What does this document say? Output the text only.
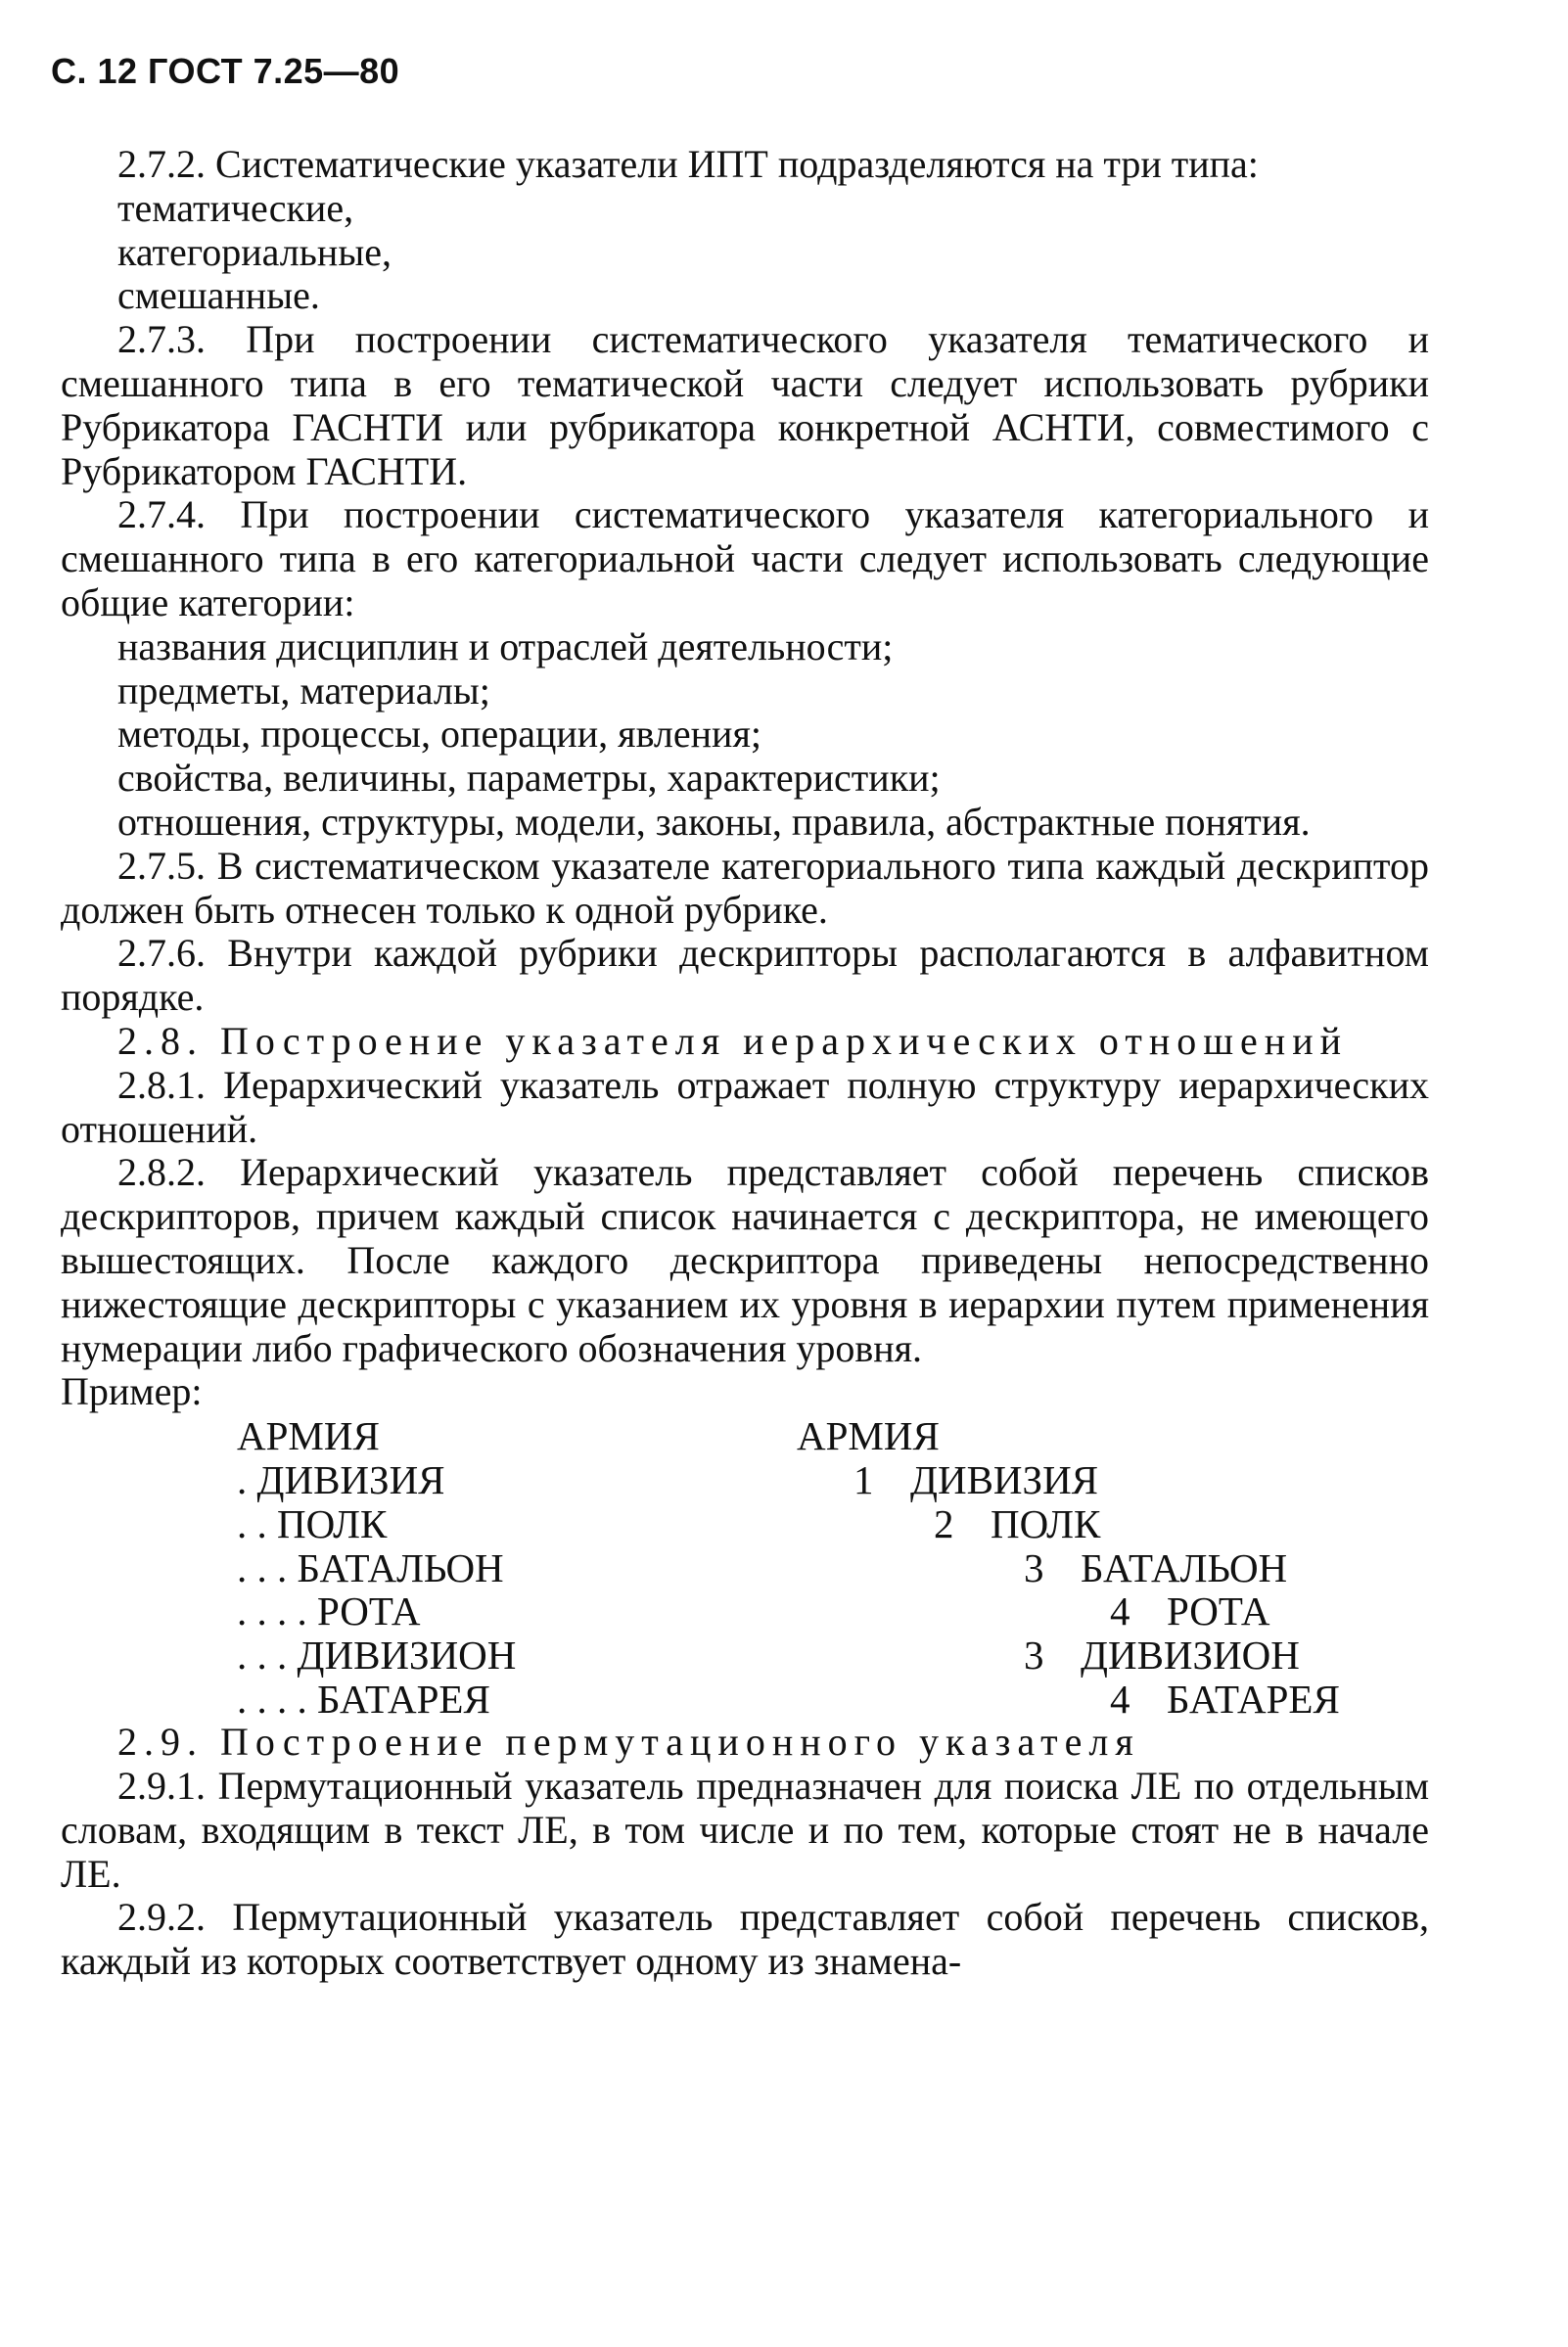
С. 12 ГОСТ 7.25—80

2.7.2. Систематические указатели ИПТ подразделяются на три типа:

тематические,
категориальные,
смешанные.

2.7.3. При построении систематического указателя тематического и смешанного типа в его тематической части следует использовать рубрики Рубрикатора ГАСНТИ или рубрикатора конкретной АСНТИ, совместимого с Рубрикатором ГАСНТИ.

2.7.4. При построении систематического указателя категориального и смешанного типа в его категориальной части следует использовать следующие общие категории:

названия дисциплин и отраслей деятельности;
предметы, материалы;
методы, процессы, операции, явления;
свойства, величины, параметры, характеристики;

отношения, структуры, модели, законы, правила, абстрактные понятия.

2.7.5. В систематическом указателе категориального типа каждый дескриптор должен быть отнесен только к одной рубрике.

2.7.6. Внутри каждой рубрики дескрипторы располагаются в алфавитном порядке.

2.8. Построение указателя иерархических отношений

2.8.1. Иерархический указатель отражает полную структуру иерархических отношений.

2.8.2. Иерархический указатель представляет собой перечень списков дескрипторов, причем каждый список начинается с дескриптора, не имеющего вышестоящих. После каждого дескриптора приведены непосредственно нижестоящие дескрипторы с указанием их уровня в иерархии путем применения нумерации либо графического обозначения уровня.

Пример:

АРМИЯ
. ДИВИЗИЯ
. . ПОЛК
. . . БАТАЛЬОН
. . . . РОТА
. . . ДИВИЗИОН
. . . . БАТАРЕЯ
АРМИЯ
1 ДИВИЗИЯ
2 ПОЛК
3 БАТАЛЬОН
4 РОТА
3 ДИВИЗИОН
4 БАТАРЕЯ

2.9. Построение пермутационного указателя

2.9.1. Пермутационный указатель предназначен для поиска ЛЕ по отдельным словам, входящим в текст ЛЕ, в том числе и по тем, которые стоят не в начале ЛЕ.

2.9.2. Пермутационный указатель представляет собой перечень списков, каждый из которых соответствует одному из знамена-
